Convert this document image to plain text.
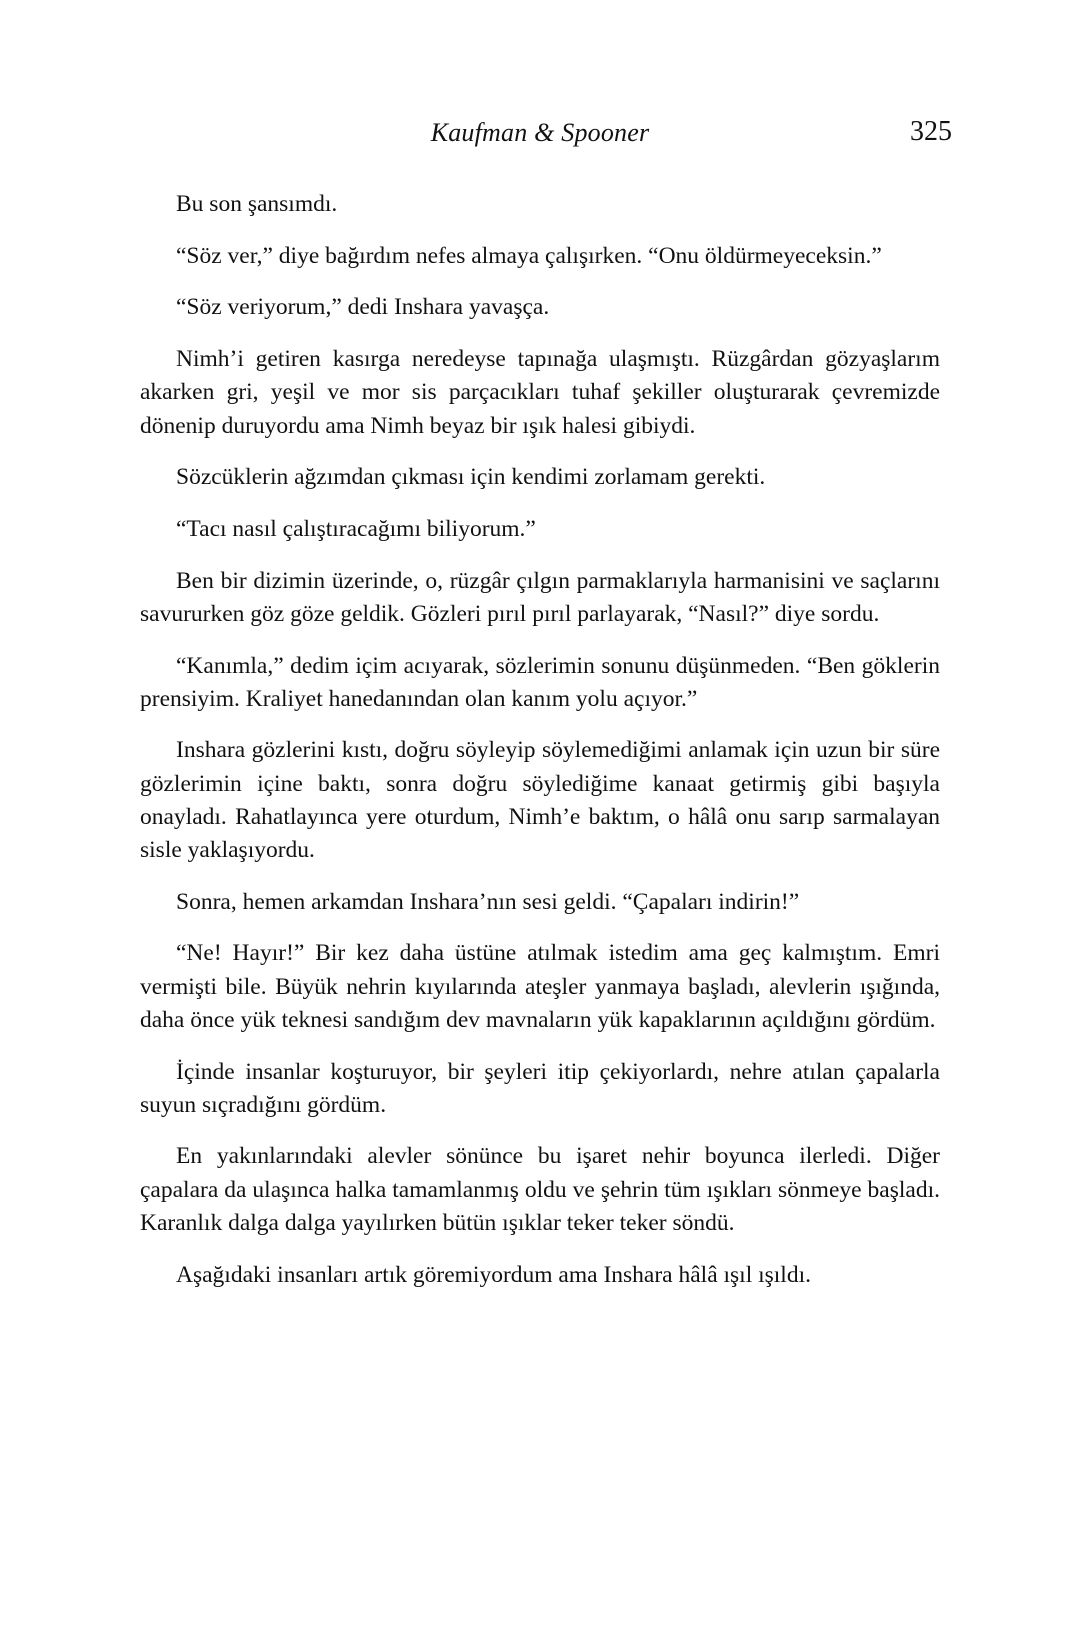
Kaufman & Spooner	325

Bu son şansımdı.

“Söz ver,” diye bağırdım nefes almaya çalışırken. “Onu öldürmeyeceksin.”

“Söz veriyorum,” dedi Inshara yavaşça.

Nimh’i getiren kasırga neredeyse tapınağa ulaşmıştı. Rüzgârdan gözyaşlarım akarken gri, yeşil ve mor sis parçacıkları tuhaf şekiller oluşturarak çevremizde dönenip duruyordu ama Nimh beyaz bir ışık halesi gibiydi.

Sözcüklerin ağzımdan çıkması için kendimi zorlamam gerekti.

“Tacı nasıl çalıştıracağımı biliyorum.”

Ben bir dizimin üzerinde, o, rüzgâr çılgın parmaklarıyla harmanisini ve saçlarını savururken göz göze geldik. Gözleri pırıl pırıl parlayarak, “Nasıl?” diye sordu.

“Kanımla,” dedim içim acıyarak, sözlerimin sonunu düşünmeden. “Ben göklerin prensiyim. Kraliyet hanedanından olan kanım yolu açıyor.”

Inshara gözlerini kıstı, doğru söyleyip söylemediğimi anlamak için uzun bir süre gözlerimin içine baktı, sonra doğru söylediğime kanaat getirmiş gibi başıyla onayladı. Rahatlayınca yere oturdum, Nimh’e baktım, o hâlâ onu sarıp sarmalayan sisle yaklaşıyordu.

Sonra, hemen arkamdan Inshara’nın sesi geldi. “Çapaları indirin!”

“Ne! Hayır!” Bir kez daha üstüne atılmak istedim ama geç kalmıştım. Emri vermişti bile. Büyük nehrin kıyılarında ateşler yanmaya başladı, alevlerin ışığında, daha önce yük teknesi sandığım dev mavnaların yük kapaklarının açıldığını gördüm.

İçinde insanlar koşturuyor, bir şeyleri itip çekiyorlardı, nehre atılan çapalarla suyun sıçradığını gördüm.

En yakınlarındaki alevler sönünce bu işaret nehir boyunca ilerledi. Diğer çapalara da ulaşınca halka tamamlanmış oldu ve şehrin tüm ışıkları sönmeye başladı. Karanlık dalga dalga yayılırken bütün ışıklar teker teker söndü.

Aşağıdaki insanları artık göremiyordum ama Inshara hâlâ ışıl ışıldı.
